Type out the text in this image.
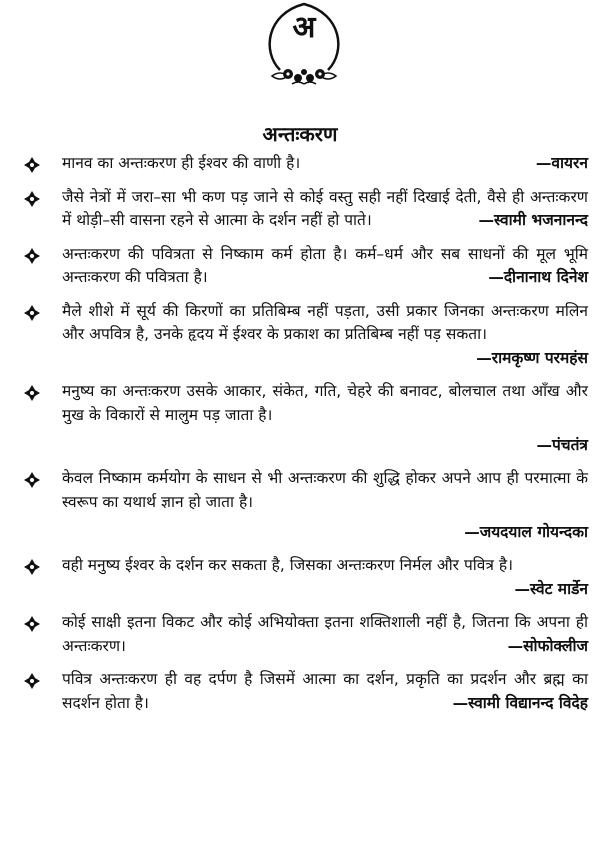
अ
अन्तःकरण

—वायरन
मानव का अन्तःकरण ही ईश्वर की वाणी है।

जैसे नेत्रों में जरा–सा भी कण पड़ जाने से कोई वस्तु सही नहीं दिखाई देती, वैसे ही अन्तःकरण में थोड़ी–सी वासना रहने से आत्मा के दर्शन नहीं हो पाते।	—स्वामी भजनानन्द

अन्तःकरण की पवित्रता से निष्काम कर्म होता है। कर्म–धर्म और सब साधनों की मूल भूमि अन्तःकरण की पवित्रता है।	—दीनानाथ दिनेश

मैले शीशे में सूर्य की किरणों का प्रतिबिम्ब नहीं पड़ता, उसी प्रकार जिनका अन्तःकरण मलिन और अपवित्र है, उनके हृदय में ईश्वर के प्रकाश का प्रतिबिम्ब नहीं पड़ सकता।
—रामकृष्ण परमहंस

मनुष्य का अन्तःकरण उसके आकार, संकेत, गति, चेहरे की बनावट, बोलचाल तथा आँख और मुख के विकारों से मालुम पड़ जाता है।

—पंचतंत्र

केवल निष्काम कर्मयोग के साधन से भी अन्तःकरण की शुद्धि होकर अपने आप ही परमात्मा के स्वरूप का यथार्थ ज्ञान हो जाता है।

—जयदयाल गोयन्दका

वही मनुष्य ईश्वर के दर्शन कर सकता है, जिसका अन्तःकरण निर्मल और पवित्र है।
—स्वेट मार्डेन

कोई साक्षी इतना विकट और कोई अभियोक्ता इतना शक्तिशाली नहीं है, जितना कि अपना ही अन्तःकरण।	—सोफोक्लीज

पवित्र अन्तःकरण ही वह दर्पण है जिसमें आत्मा का दर्शन, प्रकृति का प्रदर्शन और ब्रह्म का सदर्शन होता है।	—स्वामी विद्यानन्द विदेह
